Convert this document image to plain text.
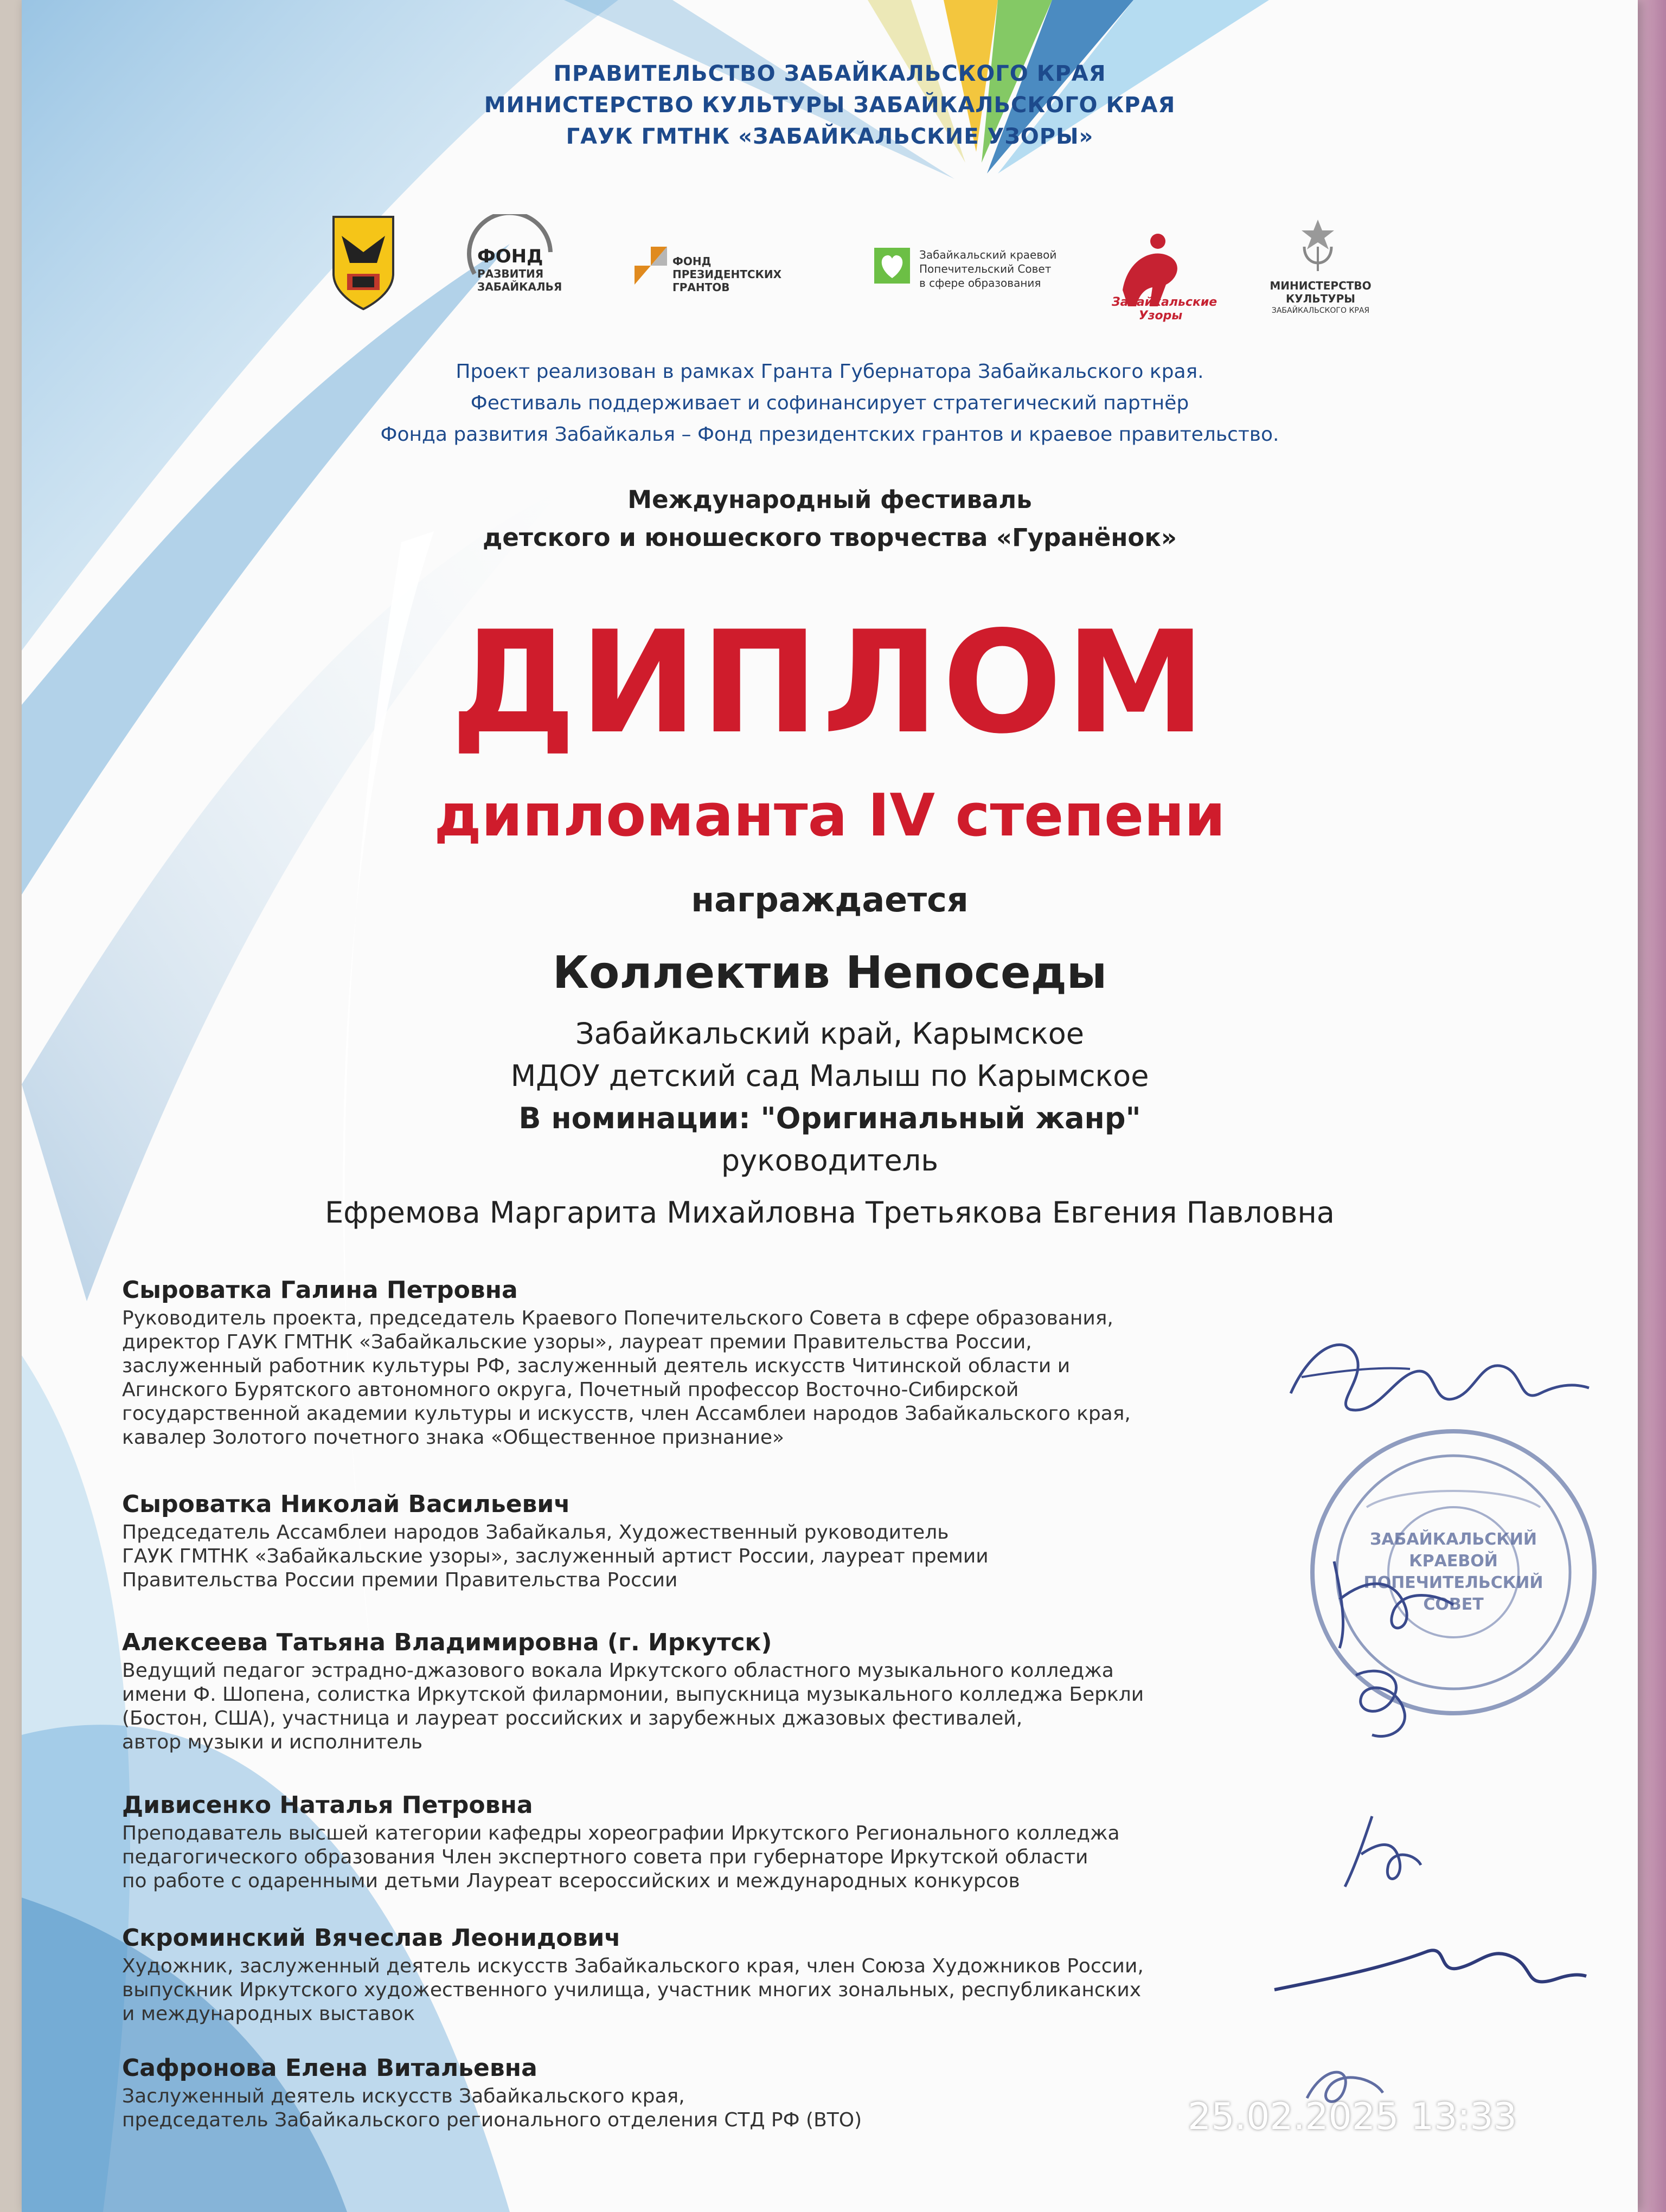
ПРАВИТЕЛЬСТВО ЗАБАЙКАЛЬСКОГО КРАЯ
МИНИСТЕРСТВО КУЛЬТУРЫ ЗАБАЙКАЛЬСКОГО КРАЯ
ГАУК ГМТНК «ЗАБАЙКАЛЬСКИЕ УЗОРЫ»
ФОНД
РАЗВИТИЯ
ЗАБАЙКАЛЬЯ
ФОНД
ПРЕЗИДЕНТСКИХ
ГРАНТОВ
Забайкальский краевой
Попечительский Совет
в сфере образования
Забайкальские Узоры
МИНИСТЕРСТВО
КУЛЬТУРЫ
ЗАБАЙКАЛЬСКОГО КРАЯ
Проект реализован в рамках Гранта Губернатора Забайкальского края.
Фестиваль поддерживает и софинансирует стратегический партнёр
Фонда развития Забайкалья – Фонд президентских грантов и краевое правительство.
Международный фестиваль
детского и юношеского творчества «Гуранёнок»
ДИПЛОМ
дипломанта IV степени
награждается
Коллектив Непоседы
Забайкальский край, Карымское
МДОУ детский сад Малыш по Карымское
В номинации: "Оригинальный жанр"
руководитель
Ефремова Маргарита Михайловна Третьякова Евгения Павловна
Сыроватка Галина Петровна
Руководитель проекта, председатель Краевого Попечительского Совета в сфере образования,
директор ГАУК ГМТНК «Забайкальские узоры», лауреат премии Правительства России,
заслуженный работник культуры РФ, заслуженный деятель искусств Читинской области и
Агинского Бурятского автономного округа, Почетный профессор Восточно-Сибирской
государственной академии культуры и искусств, член Ассамблеи народов Забайкальского края,
кавалер Золотого почетного знака «Общественное признание»
Сыроватка Николай Васильевич
Председатель Ассамблеи народов Забайкалья, Художественный руководитель
ГАУК ГМТНК «Забайкальские узоры», заслуженный артист России, лауреат премии
Правительства России премии Правительства России
Алексеева Татьяна Владимировна (г. Иркутск)
Ведущий педагог эстрадно-джазового вокала Иркутского областного музыкального колледжа
имени Ф. Шопена, солистка Иркутской филармонии, выпускница музыкального колледжа Беркли
(Бостон, США), участница и лауреат российских и зарубежных джазовых фестивалей,
автор музыки и исполнитель
Дивисенко Наталья Петровна
Преподаватель высшей категории кафедры хореографии Иркутского Регионального колледжа
педагогического образования Член экспертного совета при губернаторе Иркутской области
по работе с одаренными детьми Лауреат всероссийских и международных конкурсов
Скроминский Вячеслав Леонидович
Художник, заслуженный деятель искусств Забайкальского края, член Союза Художников России,
выпускник Иркутского художественного училища, участник многих зональных, республиканских
и международных выставок
Сафронова Елена Витальевна
Заслуженный деятель искусств Забайкальского края,
председатель Забайкальского регионального отделения СТД РФ (ВТО)
ЗАБАЙКАЛЬСКИЙ КРАЕВОЙ ПОПЕЧИТЕЛЬСКИЙ СОВЕТ
25.02.2025 13:33
